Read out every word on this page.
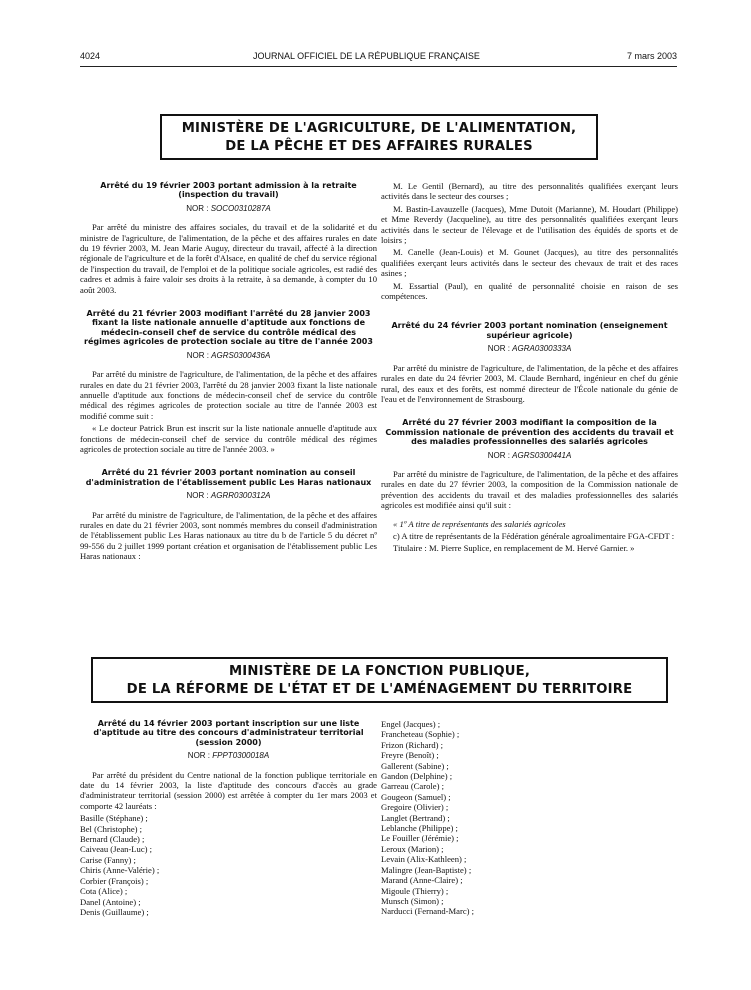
4024	JOURNAL OFFICIEL DE LA RÉPUBLIQUE FRANÇAISE	7 mars 2003
MINISTÈRE DE L'AGRICULTURE, DE L'ALIMENTATION,
DE LA PÊCHE ET DES AFFAIRES RURALES
Arrêté du 19 février 2003 portant admission à la retraite (inspection du travail)
NOR : SOCO0310287A
Par arrêté du ministre des affaires sociales, du travail et de la solidarité et du ministre de l'agriculture, de l'alimentation, de la pêche et des affaires rurales en date du 19 février 2003, M. Jean Marie Auguy, directeur du travail, affecté à la direction régionale de l'agriculture et de la forêt d'Alsace, en qualité de chef du service régional de l'inspection du travail, de l'emploi et de la politique sociale agricoles, est radié des cadres et admis à faire valoir ses droits à la retraite, à sa demande, à compter du 10 août 2003.
Arrêté du 21 février 2003 modifiant l'arrêté du 28 janvier 2003 fixant la liste nationale annuelle d'aptitude aux fonctions de médecin-conseil chef de service du contrôle médical des régimes agricoles de protection sociale au titre de l'année 2003
NOR : AGRS0300436A
Par arrêté du ministre de l'agriculture, de l'alimentation, de la pêche et des affaires rurales en date du 21 février 2003, l'arrêté du 28 janvier 2003 fixant la liste nationale annuelle d'aptitude aux fonctions de médecin-conseil chef de service du contrôle médical des régimes agricoles de protection sociale au titre de l'année 2003 est modifié comme suit :
« Le docteur Patrick Brun est inscrit sur la liste nationale annuelle d'aptitude aux fonctions de médecin-conseil chef de service du contrôle médical des régimes agricoles de protection sociale au titre de l'année 2003. »
Arrêté du 21 février 2003 portant nomination au conseil d'administration de l'établissement public Les Haras nationaux
NOR : AGRR0300312A
Par arrêté du ministre de l'agriculture, de l'alimentation, de la pêche et des affaires rurales en date du 21 février 2003, sont nommés membres du conseil d'administration de l'établissement public Les Haras nationaux au titre du b de l'article 5 du décret nº 99-556 du 2 juillet 1999 portant création et organisation de l'établissement public Les Haras nationaux :
M. Le Gentil (Bernard), au titre des personnalités qualifiées exerçant leurs activités dans le secteur des courses ;
M. Bastin-Lavauzelle (Jacques), Mme Dutoit (Marianne), M. Houdart (Philippe) et Mme Reverdy (Jacqueline), au titre des personnalités qualifiées exerçant leurs activités dans le secteur de l'élevage et de l'utilisation des équidés de sports et de loisirs ;
M. Canelle (Jean-Louis) et M. Gounet (Jacques), au titre des personnalités qualifiées exerçant leurs activités dans le secteur des chevaux de trait et des races asines ;
M. Essartial (Paul), en qualité de personnalité choisie en raison de ses compétences.
Arrêté du 24 février 2003 portant nomination (enseignement supérieur agricole)
NOR : AGRA0300333A
Par arrêté du ministre de l'agriculture, de l'alimentation, de la pêche et des affaires rurales en date du 24 février 2003, M. Claude Bernhard, ingénieur en chef du génie rural, des eaux et des forêts, est nommé directeur de l'École nationale du génie de l'eau et de l'environnement de Strasbourg.
Arrêté du 27 février 2003 modifiant la composition de la Commission nationale de prévention des accidents du travail et des maladies professionnelles des salariés agricoles
NOR : AGRS0300441A
Par arrêté du ministre de l'agriculture, de l'alimentation, de la pêche et des affaires rurales en date du 27 février 2003, la composition de la Commission nationale de prévention des accidents du travail et des maladies professionnelles des salariés agricoles est modifiée ainsi qu'il suit :
« 1º A titre de représentants des salariés agricoles
c) A titre de représentants de la Fédération générale agroalimentaire FGA-CFDT :
Titulaire : M. Pierre Suplice, en remplacement de M. Hervé Garnier. »
MINISTÈRE DE LA FONCTION PUBLIQUE,
DE LA RÉFORME DE L'ÉTAT ET DE L'AMÉNAGEMENT DU TERRITOIRE
Arrêté du 14 février 2003 portant inscription sur une liste d'aptitude au titre des concours d'administrateur territorial (session 2000)
NOR : FPPT0300018A
Par arrêté du président du Centre national de la fonction publique territoriale en date du 14 février 2003, la liste d'aptitude des concours d'accès au grade d'administrateur territorial (session 2000) est arrêtée à compter du 1er mars 2003 et comporte 42 lauréats :
Basille (Stéphane) ;
Bel (Christophe) ;
Bernard (Claude) ;
Caiveau (Jean-Luc) ;
Carise (Fanny) ;
Chiris (Anne-Valérie) ;
Corbier (François) ;
Cota (Alice) ;
Danel (Antoine) ;
Denis (Guillaume) ;
Engel (Jacques) ;
Francheteau (Sophie) ;
Frizon (Richard) ;
Freyre (Benoît) ;
Gallerent (Sabine) ;
Gandon (Delphine) ;
Garreau (Carole) ;
Gougeon (Samuel) ;
Gregoire (Olivier) ;
Langlet (Bertrand) ;
Leblanche (Philippe) ;
Le Fouiller (Jérémie) ;
Leroux (Marion) ;
Levain (Alix-Kathleen) ;
Malingre (Jean-Baptiste) ;
Marand (Anne-Claire) ;
Migoule (Thierry) ;
Munsch (Simon) ;
Narducci (Fernand-Marc) ;
